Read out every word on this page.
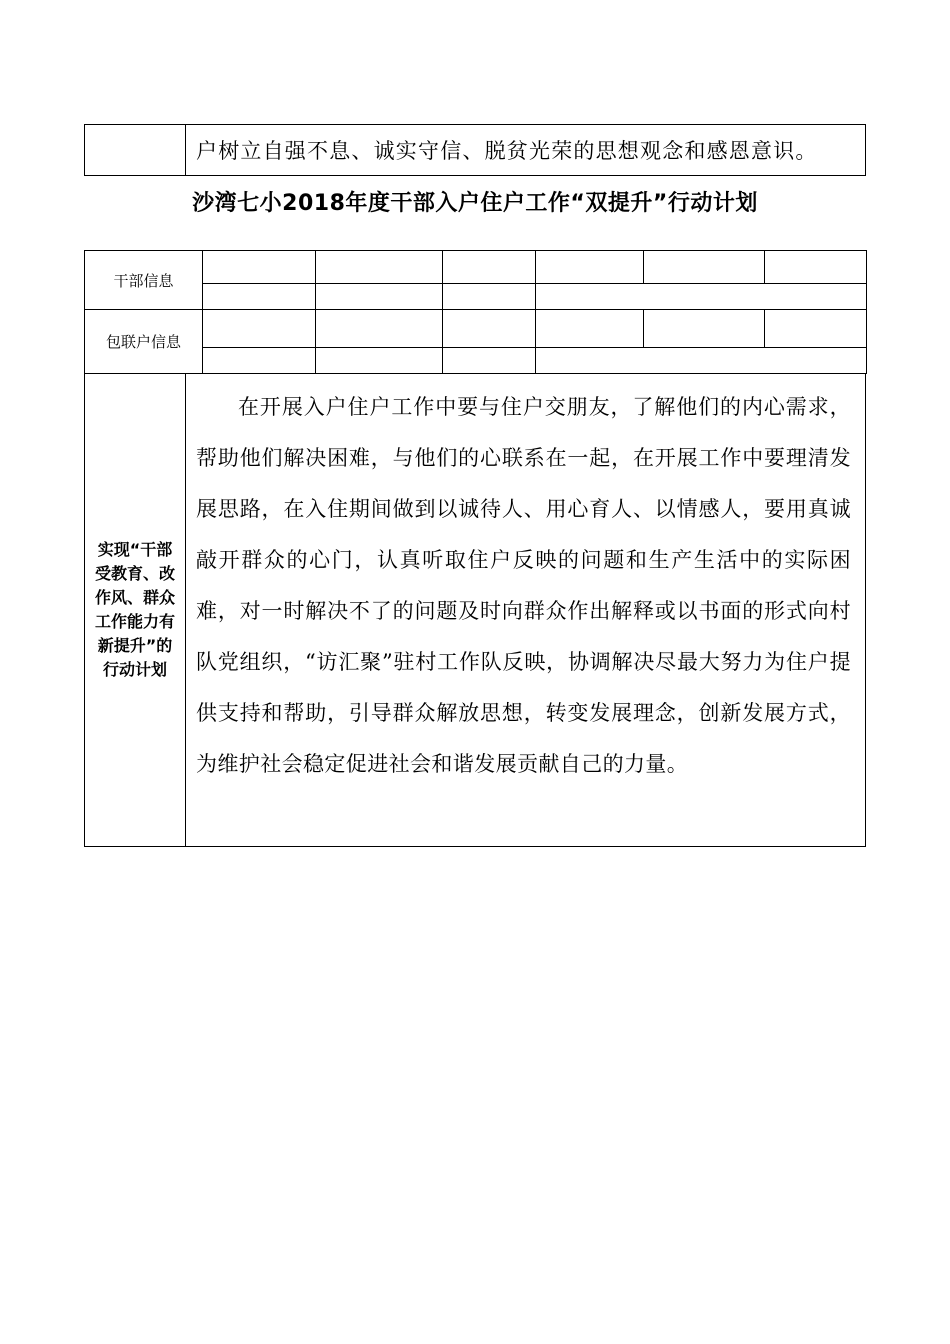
户树立自强不息、诚实守信、脱贫光荣的思想观念和感恩意识。
沙湾七小2018年度干部入户住户工作“双提升”行动计划
干部信息						

包联户信息						

实现“干部受教育、改作风、群众工作能力有新提升”的行动计划
在开展入户住户工作中要与住户交朋友，了解他们的内心需求，帮助他们解决困难，与他们的心联系在一起，在开展工作中要理清发展思路，在入住期间做到以诚待人、用心育人、以情感人，要用真诚敲开群众的心门，认真听取住户反映的问题和生产生活中的实际困难，对一时解决不了的问题及时向群众作出解释或以书面的形式向村队党组织，“访汇聚”驻村工作队反映，协调解决尽最大努力为住户提供支持和帮助，引导群众解放思想，转变发展理念，创新发展方式，为维护社会稳定促进社会和谐发展贡献自己的力量。
